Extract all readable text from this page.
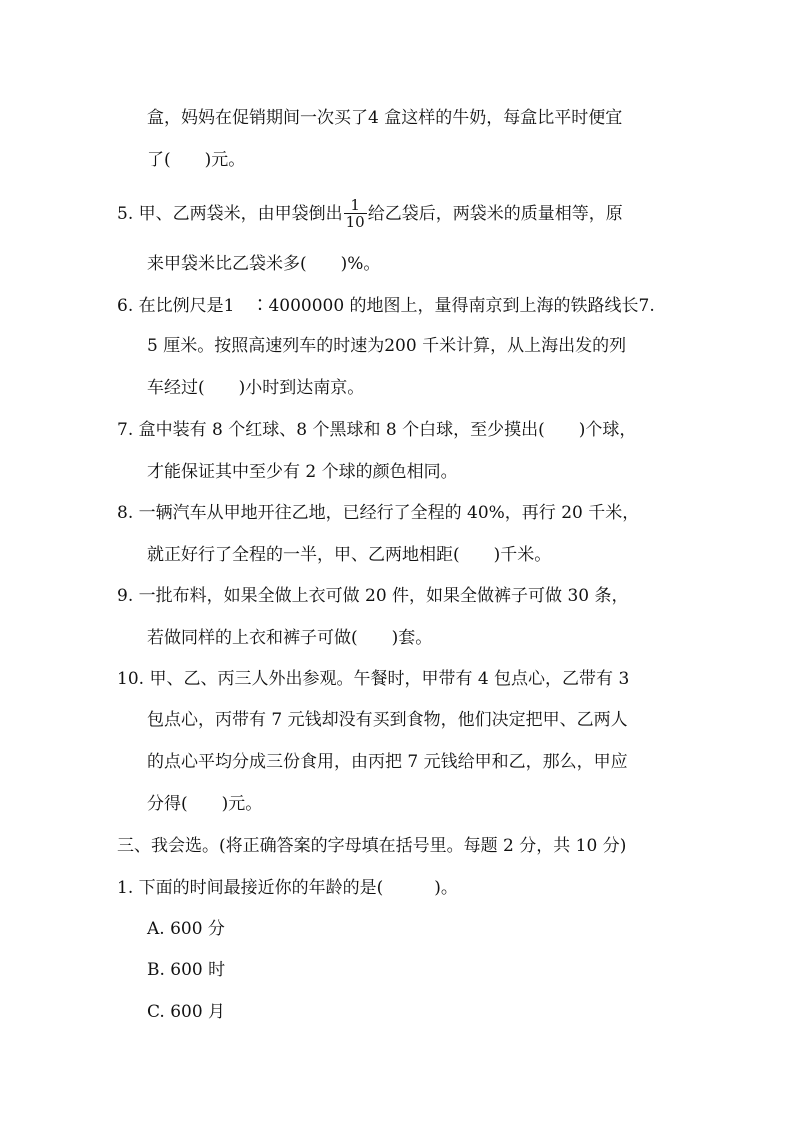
盒，妈妈在促销期间一次买了4 盒这样的牛奶，每盒比平时便宜
了(　　)元。
5. 甲、乙两袋米，由甲袋倒出 $\frac{1}{10}$ 给乙袋后，两袋米的质量相等，原
来甲袋米比乙袋米多(　　)%。
6. 在比例尺是1　∶4000000 的地图上，量得南京到上海的铁路线长7.
5 厘米。按照高速列车的时速为200 千米计算，从上海出发的列
车经过(　　)小时到达南京。
7. 盒中装有 8 个红球、8 个黑球和 8 个白球，至少摸出(　　)个球，
才能保证其中至少有 2 个球的颜色相同。
8. 一辆汽车从甲地开往乙地，已经行了全程的 40%，再行 20 千米，
就正好行了全程的一半，甲、乙两地相距(　　)千米。
9. 一批布料，如果全做上衣可做 20 件，如果全做裤子可做 30 条，
若做同样的上衣和裤子可做(　　)套。
10. 甲、乙、丙三人外出参观。午餐时，甲带有 4 包点心，乙带有 3
包点心，丙带有 7 元钱却没有买到食物，他们决定把甲、乙两人
的点心平均分成三份食用，由丙把 7 元钱给甲和乙，那么，甲应
分得(　　)元。
三、我会选。(将正确答案的字母填在括号里。每题 2 分，共 10 分)
1. 下面的时间最接近你的年龄的是(　　　)。
A. 600 分
B. 600 时
C. 600 月
